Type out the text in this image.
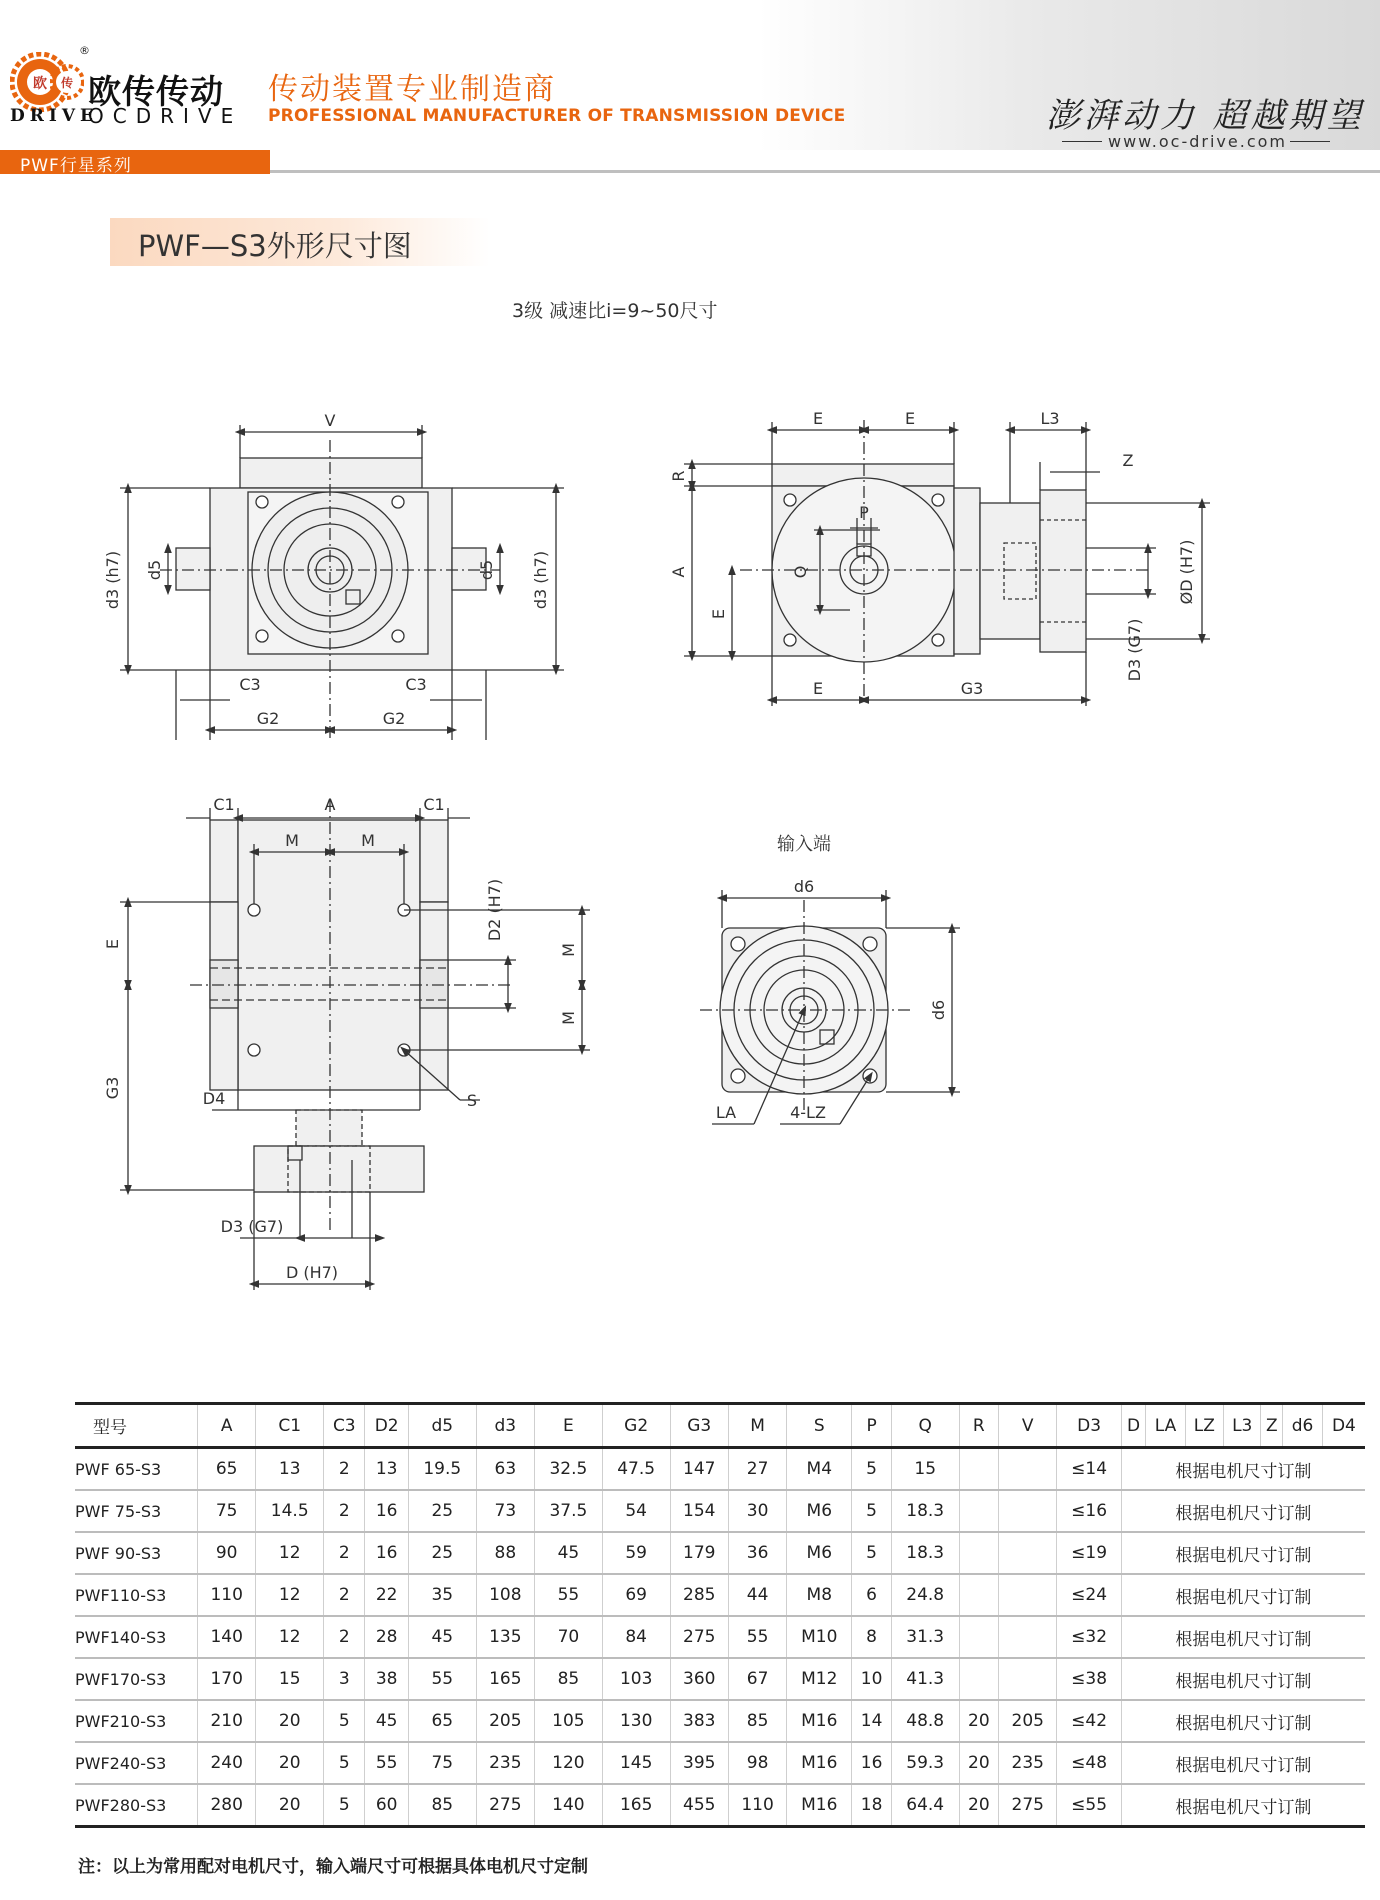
欧 传
®
欧传传动
DRIVE
OCDRIVE
传动装置专业制造商
PROFESSIONAL MANUFACTURER OF TRANSMISSION DEVICE	澎湃动力 超越期望
www.oc-drive.com
PWF行星系列
PWF—S3外形尺寸图
3级 减速比i=9~50尺寸
V
d3 (h7) d5	d5 d3 (h7)
C3	C3
G2	G2
E	E	L3
R
Z
P
Q
A
E
ØD (H7)
D3 (G7)
E	G3
C1	A	C1
M	M
D2 (H7)
E	M
M
G3	D4	S
D3 (G7)
D (H7)
输入端
d6
d6
LA	4-LZ
型号	A	C1	C3	D2	d5	d3	E	G2	G3	M	S	P	Q	R	V	D3	D	LA	LZ	L3	Z	d6	D4
PWF 65-S3	65	13	2	13	19.5	63	32.5	47.5	147	27	M4	5	15			≤14	根据电机尺寸订制						
PWF 75-S3	75	14.5	2	16	25	73	37.5	54	154	30	M6	5	18.3			≤16	根据电机尺寸订制						
PWF 90-S3	90	12	2	16	25	88	45	59	179	36	M6	5	18.3			≤19	根据电机尺寸订制						
PWF110-S3	110	12	2	22	35	108	55	69	285	44	M8	6	24.8			≤24	根据电机尺寸订制						
PWF140-S3	140	12	2	28	45	135	70	84	275	55	M10	8	31.3			≤32	根据电机尺寸订制						
PWF170-S3	170	15	3	38	55	165	85	103	360	67	M12	10	41.3			≤38	根据电机尺寸订制						
PWF210-S3	210	20	5	45	65	205	105	130	383	85	M16	14	48.8	20	205	≤42	根据电机尺寸订制						
PWF240-S3	240	20	5	55	75	235	120	145	395	98	M16	16	59.3	20	235	≤48	根据电机尺寸订制						
PWF280-S3	280	20	5	60	85	275	140	165	455	110	M16	18	64.4	20	275	≤55	根据电机尺寸订制						
注：以上为常用配对电机尺寸，输入端尺寸可根据具体电机尺寸定制
